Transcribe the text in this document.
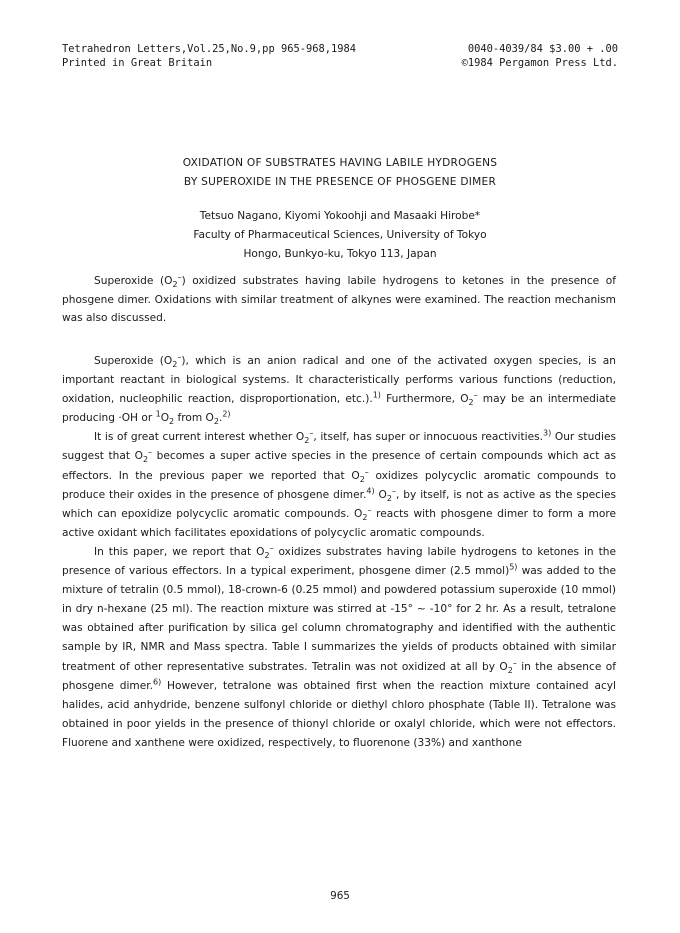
Tetrahedron Letters,Vol.25,No.9,pp 965-968,1984
Printed in Great Britain
0040-4039/84 $3.00 + .00
©1984 Pergamon Press Ltd.
OXIDATION OF SUBSTRATES HAVING LABILE HYDROGENS
BY SUPEROXIDE IN THE PRESENCE OF PHOSGENE DIMER
Tetsuo Nagano, Kiyomi Yokoohji and Masaaki Hirobe*
Faculty of Pharmaceutical Sciences, University of Tokyo
Hongo, Bunkyo-ku, Tokyo 113, Japan
Superoxide $(O_2^-)$ oxidized substrates having labile hydrogens to ketones in the presence of phosgene dimer. Oxidations with similar treatment of alkynes were examined. The reaction mechanism was also discussed.

Superoxide $(O_2^-)$, which is an anion radical and one of the activated oxygen species, is an important reactant in biological systems. It characteristically performs various functions (reduction, oxidation, nucleophilic reaction, disproportionation, etc.).$^{1)}$ Furthermore, $O_2^-$ may be an intermediate producing ·OH or $^1O_2$ from $O_2.^{2)}$

It is of great current interest whether $O_2^-$, itself, has super or innocuous reactivities.$^{3)}$ Our studies suggest that $O_2^-$ becomes a super active species in the presence of certain compounds which act as effectors. In the previous paper we reported that $O_2^-$ oxidizes polycyclic aromatic compounds to produce their oxides in the presence of phosgene dimer.$^{4)}$ $O_2^-$, by itself, is not as active as the species which can epoxidize polycyclic aromatic compounds. $O_2^-$ reacts with phosgene dimer to form a more active oxidant which facilitates epoxidations of polycyclic aromatic compounds.

In this paper, we report that $O_2^-$ oxidizes substrates having labile hydrogens to ketones in the presence of various effectors. In a typical experiment, phosgene dimer (2.5 mmol)$^{5)}$ was added to the mixture of tetralin (0.5 mmol), 18-crown-6 (0.25 mmol) and powdered potassium superoxide (10 mmol) in dry n-hexane (25 ml). The reaction mixture was stirred at -15° ~ -10° for 2 hr. As a result, tetralone was obtained after purification by silica gel column chromatography and identified with the authentic sample by IR, NMR and Mass spectra. Table I summarizes the yields of products obtained with similar treatment of other representative substrates. Tetralin was not oxidized at all by $O_2^-$ in the absence of phosgene dimer.$^{6)}$ However, tetralone was obtained first when the reaction mixture contained acyl halides, acid anhydride, benzene sulfonyl chloride or diethyl chloro phosphate (Table II). Tetralone was obtained in poor yields in the presence of thionyl chloride or oxalyl chloride, which were not effectors. Fluorene and xanthene were oxidized, respectively, to fluorenone (33%) and xanthone

965
